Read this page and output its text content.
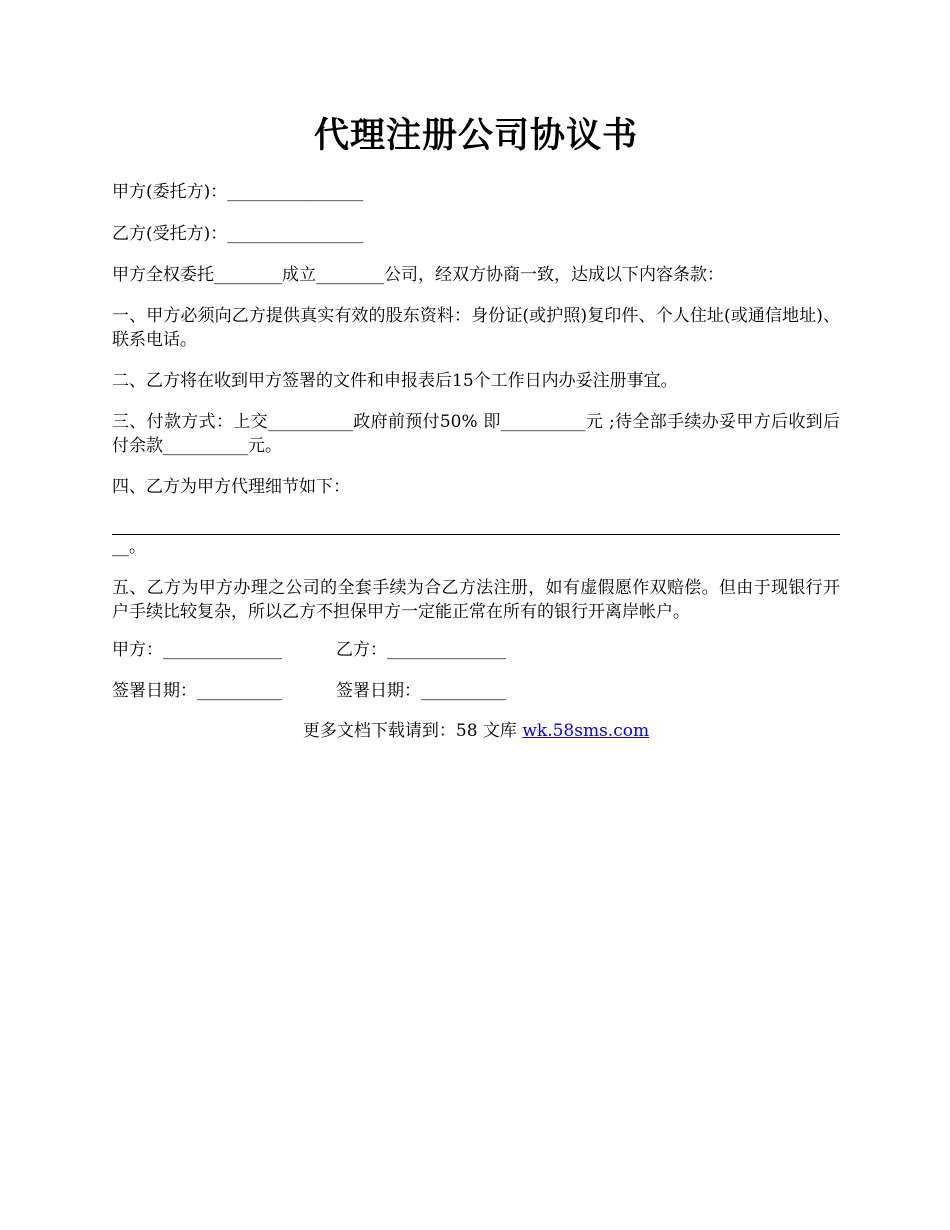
代理注册公司协议书

甲方(委托方)：________________

乙方(受托方)：________________

甲方全权委托________成立________公司，经双方协商一致，达成以下内容条款：

一、甲方必须向乙方提供真实有效的股东资料：身份证(或护照)复印件、个人住址(或通信地址)、联系电话。

二、乙方将在收到甲方签署的文件和申报表后15个工作日内办妥注册事宜。

三、付款方式：上交__________政府前预付50% 即__________元 ;待全部手续办妥甲方后收到后付余款__________元。

四、乙方为甲方代理细节如下：

__。

五、乙方为甲方办理之公司的全套手续为合乙方法注册，如有虚假愿作双赔偿。但由于现银行开户手续比较复杂，所以乙方不担保甲方一定能正常在所有的银行开离岸帐户。

甲方：______________	乙方：______________

签署日期：__________	签署日期：__________

更多文档下载请到：58 文库 wk.58sms.com
